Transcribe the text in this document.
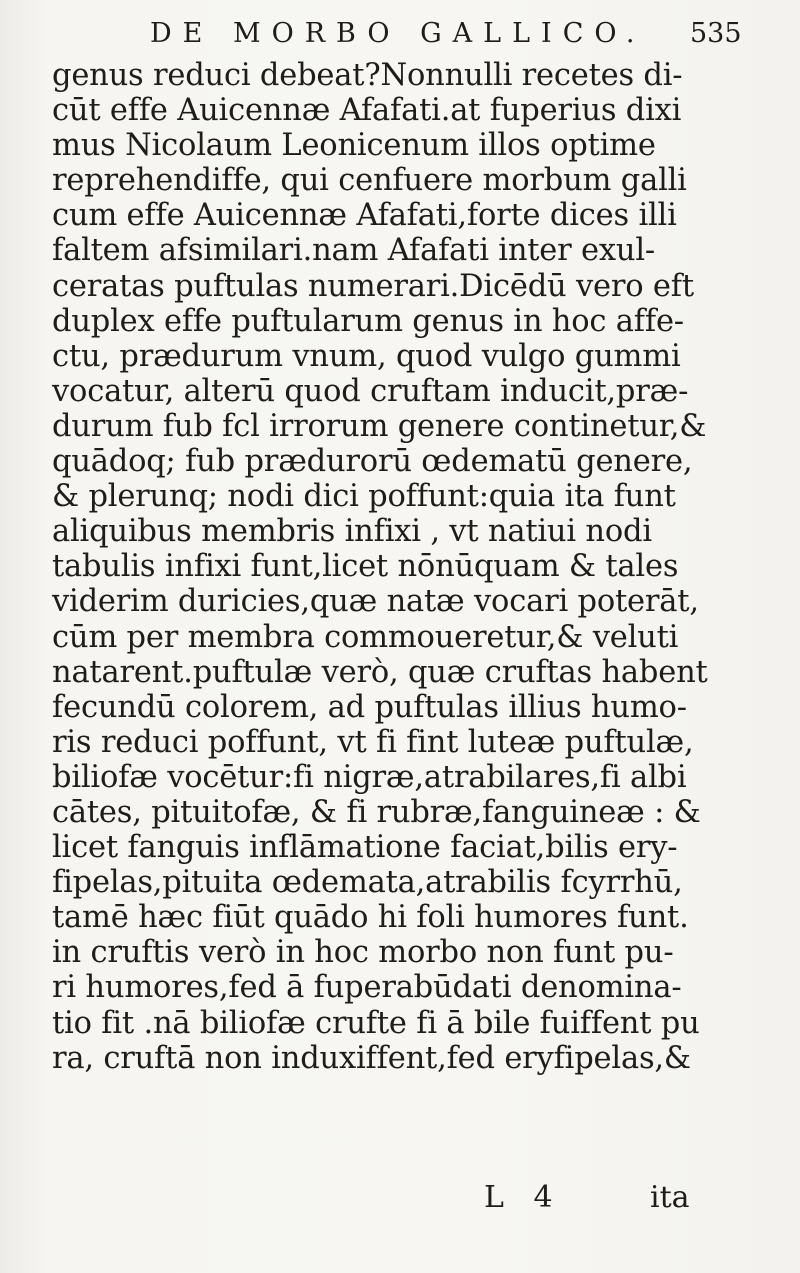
DE MORBO GALLICO. 535
genus reduci debeat?Nonnulli recetes di-
cūt effe Auicennæ Afafati.at fuperius dixi
mus Nicolaum Leonicenum illos optime
reprehendiffe, qui cenfuere morbum galli
cum effe Auicennæ Afafati,forte dices illi
faltem afsimilari.nam Afafati inter exul-
ceratas puftulas numerari.Dicēdū vero eft
duplex effe puftularum genus in hoc affe-
ctu, prædurum vnum, quod vulgo gummi
vocatur, alterū quod cruftam inducit,præ-
durum fub fcl irrorum genere continetur,&
quādoq; fub prædurorū œdematū genere,
& plerunq; nodi dici poffunt:quia ita funt
aliquibus membris infixi , vt natiui nodi
tabulis infixi funt,licet nōnūquam & tales
viderim duricies,quæ natæ vocari poterāt,
cūm per membra commoueretur,& veluti
natarent.puftulæ verò, quæ cruftas habent
fecundū colorem, ad puftulas illius humo-
ris reduci poffunt, vt fi fint luteæ puftulæ,
biliofæ vocētur:fi nigræ,atrabilares,fi albi
cātes, pituitofæ, & fi rubræ,fanguineæ : &
licet fanguis inflāmatione faciat,bilis ery-
fipelas,pituita œdemata,atrabilis fcyrrhū,
tamē hæc fiūt quādo hi foli humores funt.
in cruftis verò in hoc morbo non funt pu-
ri humores,fed ā fuperabūdati denomina-
tio fit .nā biliofæ crufte fi ā bile fuiffent pu
ra, cruftā non induxiffent,fed eryfipelas,&
L 4	ita
